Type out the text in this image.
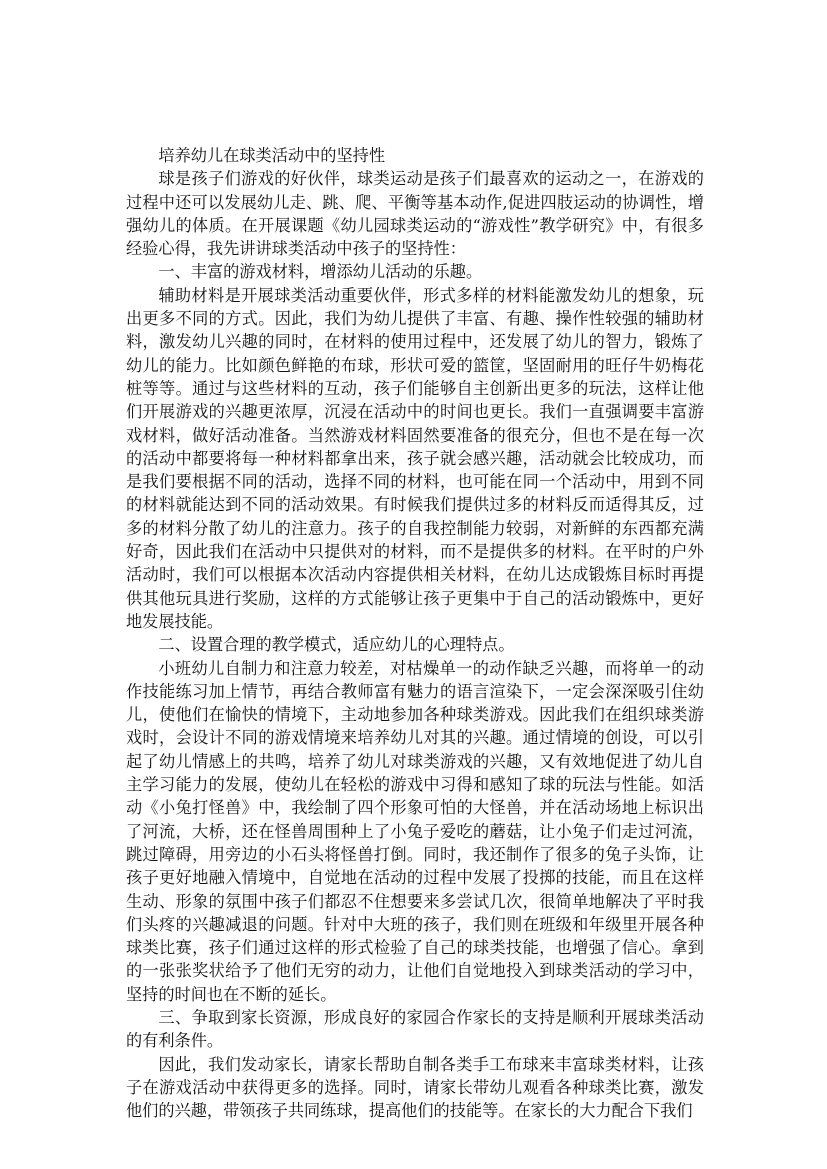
培养幼儿在球类活动中的坚持性

球是孩子们游戏的好伙伴，球类运动是孩子们最喜欢的运动之一，在游戏的过程中还可以发展幼儿走、跳、爬、平衡等基本动作,促进四肢运动的协调性，增强幼儿的体质。在开展课题《幼儿园球类运动的“游戏性”教学研究》中，有很多经验心得，我先讲讲球类活动中孩子的坚持性：

一、丰富的游戏材料，增添幼儿活动的乐趣。

辅助材料是开展球类活动重要伙伴，形式多样的材料能激发幼儿的想象，玩出更多不同的方式。因此，我们为幼儿提供了丰富、有趣、操作性较强的辅助材料，激发幼儿兴趣的同时，在材料的使用过程中，还发展了幼儿的智力，锻炼了幼儿的能力。比如颜色鲜艳的布球，形状可爱的篮筐，坚固耐用的旺仔牛奶梅花桩等等。通过与这些材料的互动，孩子们能够自主创新出更多的玩法，这样让他们开展游戏的兴趣更浓厚，沉浸在活动中的时间也更长。我们一直强调要丰富游戏材料，做好活动准备。当然游戏材料固然要准备的很充分，但也不是在每一次的活动中都要将每一种材料都拿出来，孩子就会感兴趣，活动就会比较成功，而是我们要根据不同的活动，选择不同的材料，也可能在同一个活动中，用到不同的材料就能达到不同的活动效果。有时候我们提供过多的材料反而适得其反，过多的材料分散了幼儿的注意力。孩子的自我控制能力较弱，对新鲜的东西都充满好奇，因此我们在活动中只提供对的材料，而不是提供多的材料。在平时的户外活动时，我们可以根据本次活动内容提供相关材料，在幼儿达成锻炼目标时再提供其他玩具进行奖励，这样的方式能够让孩子更集中于自己的活动锻炼中，更好地发展技能。

二、设置合理的教学模式，适应幼儿的心理特点。

小班幼儿自制力和注意力较差，对枯燥单一的动作缺乏兴趣，而将单一的动作技能练习加上情节，再结合教师富有魅力的语言渲染下，一定会深深吸引住幼儿，使他们在愉快的情境下，主动地参加各种球类游戏。因此我们在组织球类游戏时，会设计不同的游戏情境来培养幼儿对其的兴趣。通过情境的创设，可以引起了幼儿情感上的共鸣，培养了幼儿对球类游戏的兴趣，又有效地促进了幼儿自主学习能力的发展，使幼儿在轻松的游戏中习得和感知了球的玩法与性能。如活动《小兔打怪兽》中，我绘制了四个形象可怕的大怪兽，并在活动场地上标识出了河流，大桥，还在怪兽周围种上了小兔子爱吃的蘑菇，让小兔子们走过河流，跳过障碍，用旁边的小石头将怪兽打倒。同时，我还制作了很多的兔子头饰，让孩子更好地融入情境中，自觉地在活动的过程中发展了投掷的技能，而且在这样生动、形象的氛围中孩子们都忍不住想要来多尝试几次，很简单地解决了平时我们头疼的兴趣减退的问题。针对中大班的孩子，我们则在班级和年级里开展各种球类比赛，孩子们通过这样的形式检验了自己的球类技能，也增强了信心。拿到的一张张奖状给予了他们无穷的动力，让他们自觉地投入到球类活动的学习中，坚持的时间也在不断的延长。

三、争取到家长资源，形成良好的家园合作家长的支持是顺利开展球类活动的有利条件。

因此，我们发动家长，请家长帮助自制各类手工布球来丰富球类材料，让孩子在游戏活动中获得更多的选择。同时，请家长带幼儿观看各种球类比赛，激发他们的兴趣，带领孩子共同练球，提高他们的技能等。在家长的大力配合下我们
